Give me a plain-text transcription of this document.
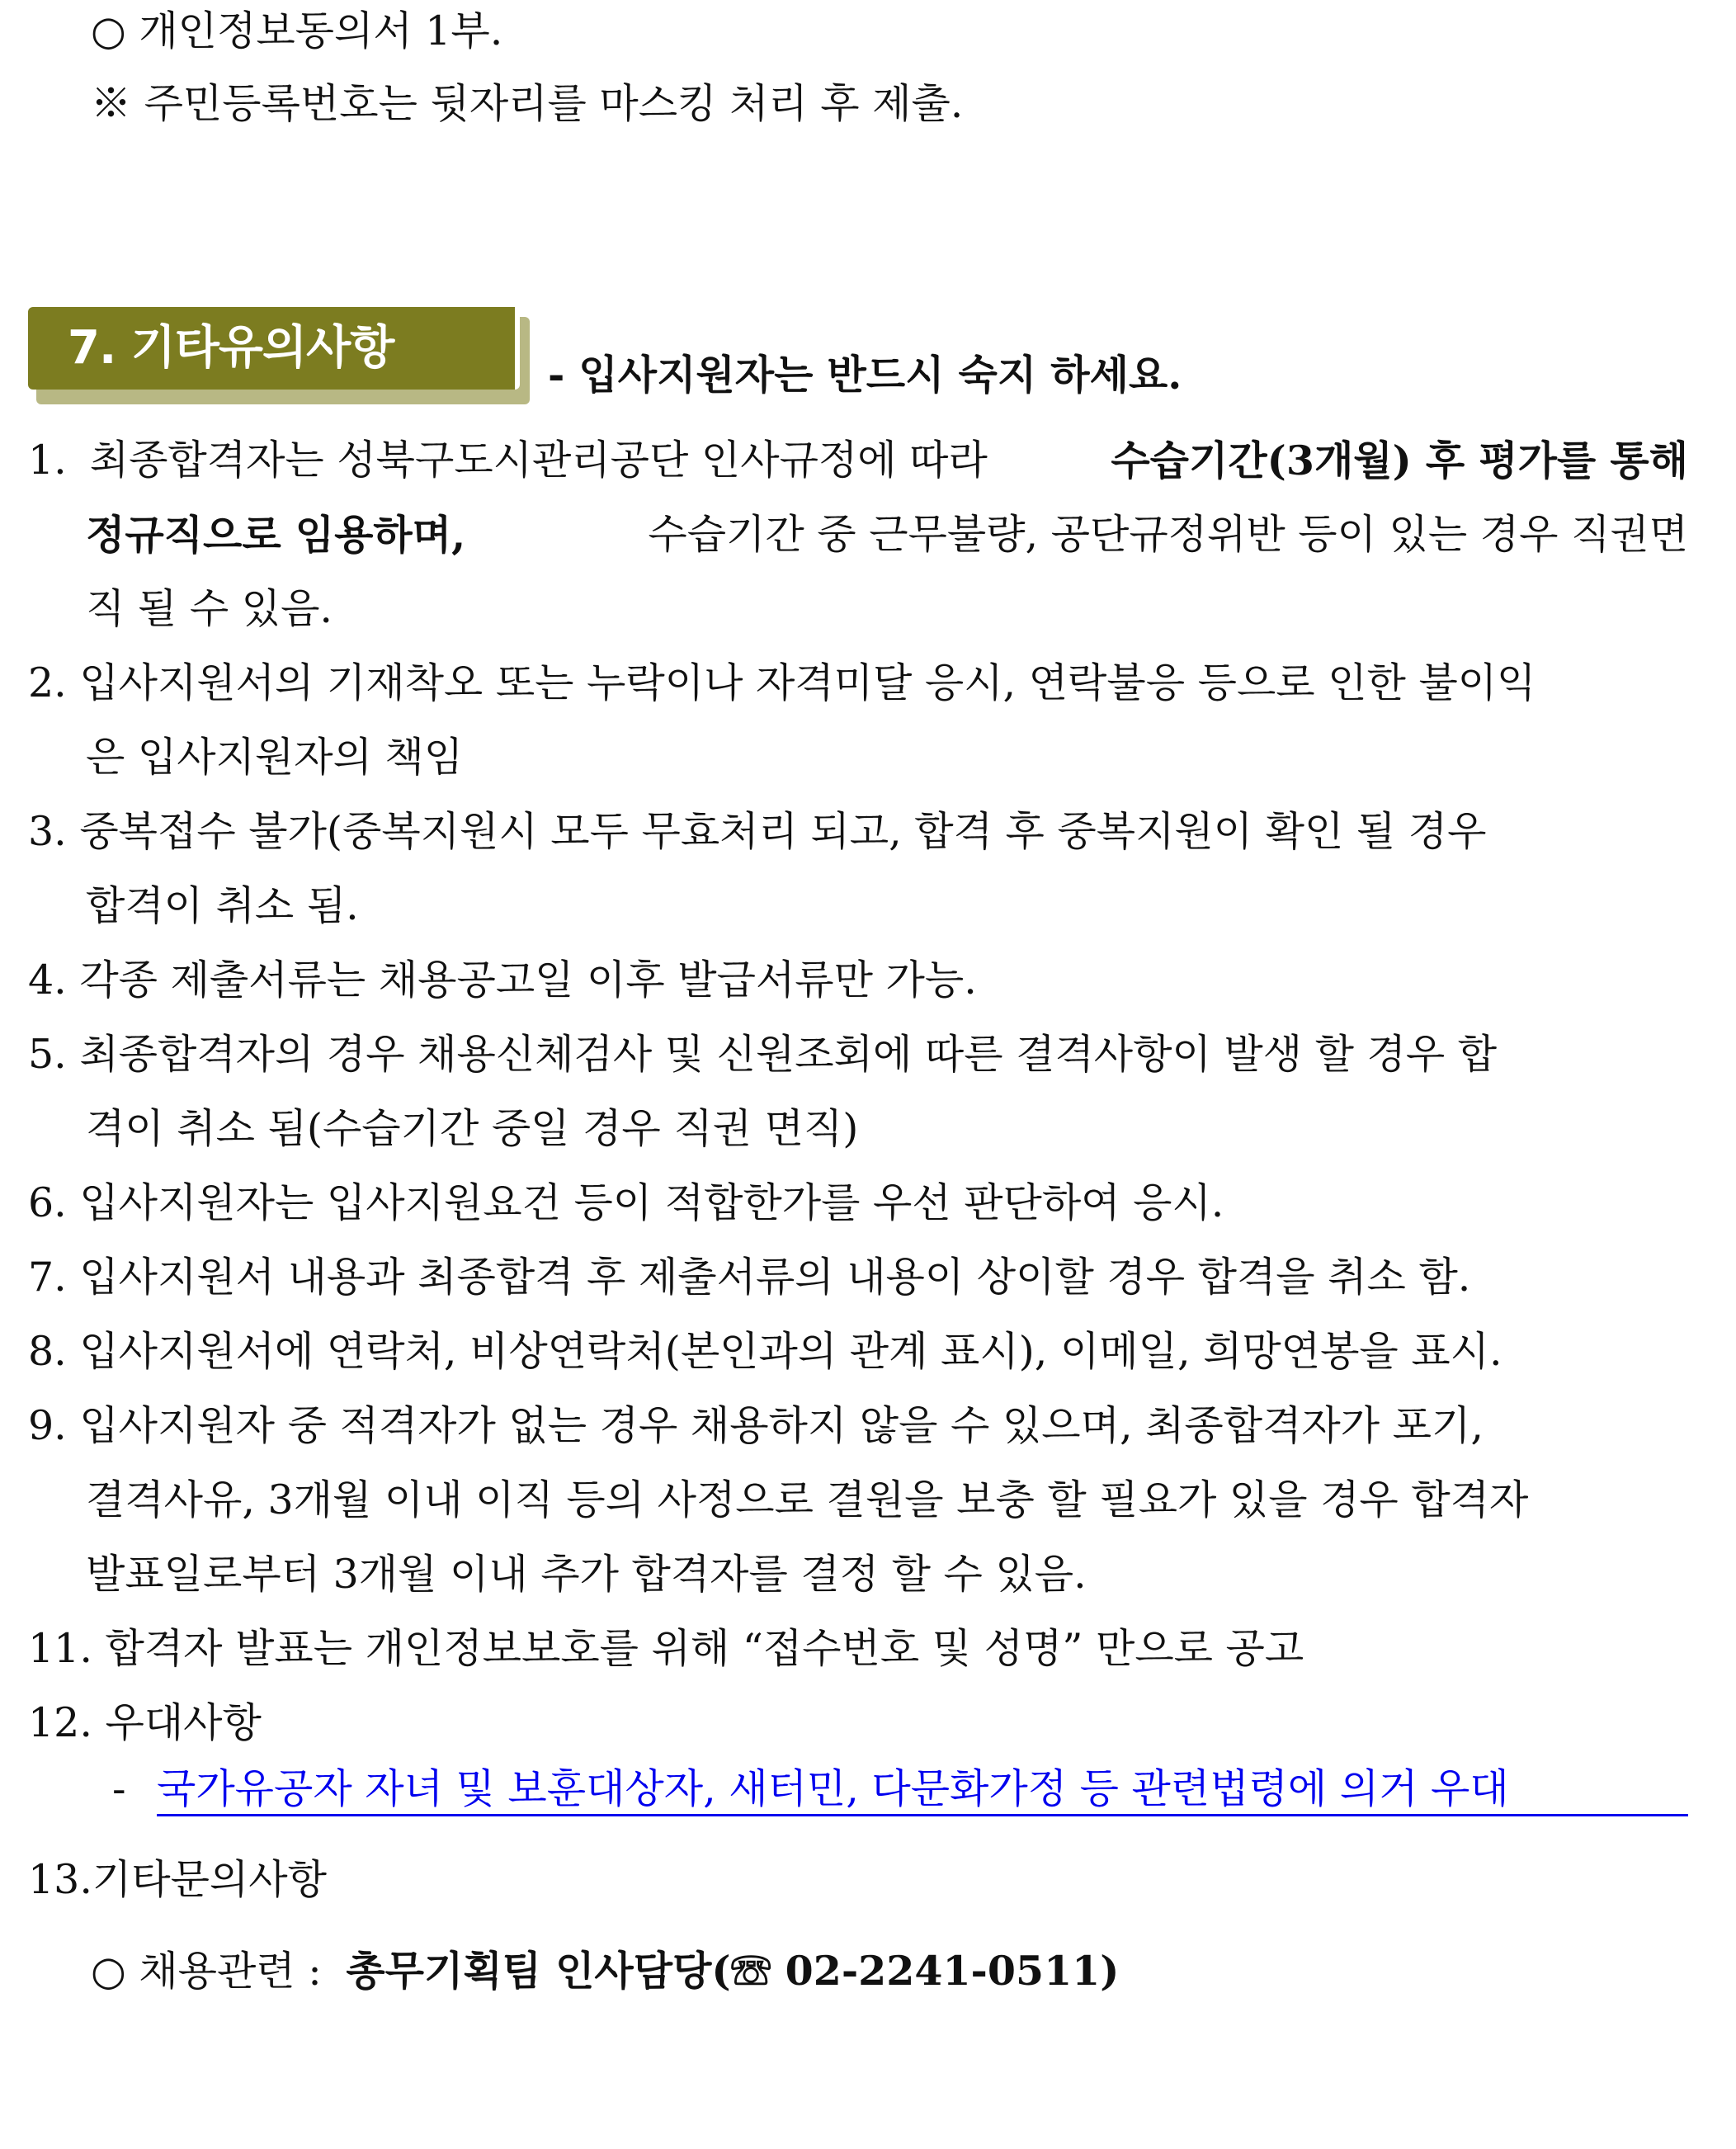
○ 개인정보동의서 1부.
※ 주민등록번호는 뒷자리를 마스킹 처리 후 제출.
7. 기타유의사항	- 입사지원자는 반드시 숙지 하세요.
1. 최종합격자는 성북구도시관리공단 인사규정에 따라	수습기간(3개월) 후 평가를 통해
정규직으로 임용하며,	수습기간 중 근무불량, 공단규정위반 등이 있는 경우 직권면
직 될 수 있음.
2. 입사지원서의 기재착오 또는 누락이나 자격미달 응시, 연락불응 등으로 인한 불이익
은 입사지원자의 책임
3. 중복접수 불가(중복지원시 모두 무효처리 되고, 합격 후 중복지원이 확인 될 경우
합격이 취소 됨.
4. 각종 제출서류는 채용공고일 이후 발급서류만 가능.
5. 최종합격자의 경우 채용신체검사 및 신원조회에 따른 결격사항이 발생 할 경우 합
격이 취소 됨(수습기간 중일 경우 직권 면직)
6. 입사지원자는 입사지원요건 등이 적합한가를 우선 판단하여 응시.
7. 입사지원서 내용과 최종합격 후 제출서류의 내용이 상이할 경우 합격을 취소 함.
8. 입사지원서에 연락처, 비상연락처(본인과의 관계 표시), 이메일, 희망연봉을 표시.
9. 입사지원자 중 적격자가 없는 경우 채용하지 않을 수 있으며, 최종합격자가 포기,
결격사유, 3개월 이내 이직 등의 사정으로 결원을 보충 할 필요가 있을 경우 합격자
발표일로부터 3개월 이내 추가 합격자를 결정 할 수 있음.
11. 합격자 발표는 개인정보보호를 위해 “접수번호 및 성명” 만으로 공고
12. 우대사항
- 국가유공자 자녀 및 보훈대상자, 새터민, 다문화가정 등 관련법령에 의거 우대
13.기타문의사항
○ 채용관련 : 총무기획팀 인사담당(☏ 02-2241-0511)
